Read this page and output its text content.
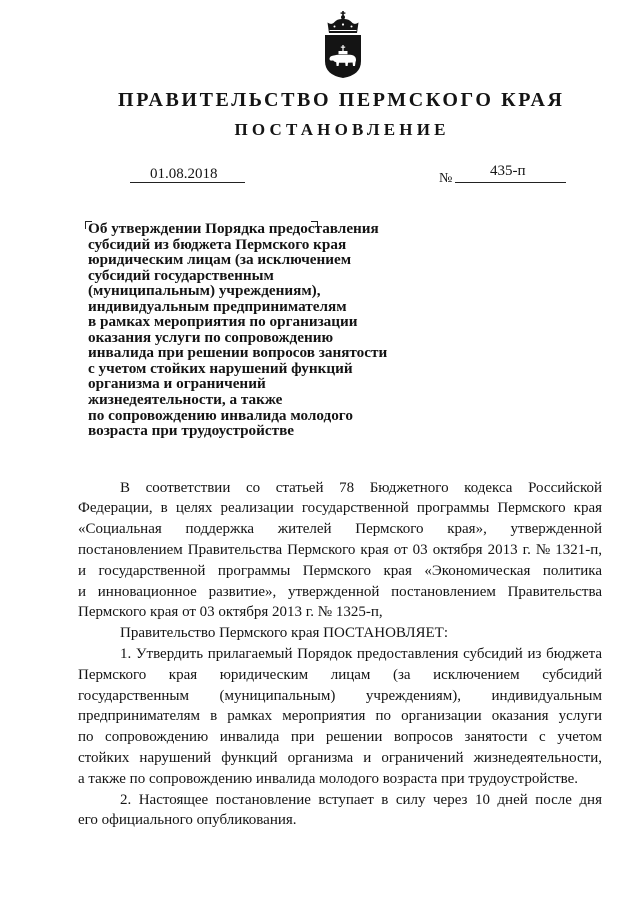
ПРАВИТЕЛЬСТВО ПЕРМСКОГО КРАЯ
ПОСТАНОВЛЕНИЕ
01.08.2018	№	435-п
Об утверждении Порядка предоставления
субсидий из бюджета Пермского края
юридическим лицам (за исключением
субсидий государственным
(муниципальным) учреждениям),
индивидуальным предпринимателям
в рамках мероприятия по организации
оказания услуги по сопровождению
инвалида при решении вопросов занятости
с учетом стойких нарушений функций
организма и ограничений
жизнедеятельности, а также
по сопровождению инвалида молодого
возраста при трудоустройстве
В соответствии со статьей 78 Бюджетного кодекса Российской
Федерации, в целях реализации государственной программы Пермского края
«Социальная поддержка жителей Пермского края», утвержденной
постановлением Правительства Пермского края от 03 октября 2013 г. № 1321-п,
и государственной программы Пермского края «Экономическая политика
и инновационное развитие», утвержденной постановлением Правительства
Пермского края от 03 октября 2013 г. № 1325-п,
Правительство Пермского края ПОСТАНОВЛЯЕТ:
1. Утвердить прилагаемый Порядок предоставления субсидий из бюджета
Пермского края юридическим лицам (за исключением субсидий
государственным (муниципальным) учреждениям), индивидуальным
предпринимателям в рамках мероприятия по организации оказания услуги
по сопровождению инвалида при решении вопросов занятости с учетом
стойких нарушений функций организма и ограничений жизнедеятельности,
а также по сопровождению инвалида молодого возраста при трудоустройстве.
2. Настоящее постановление вступает в силу через 10 дней после дня
его официального опубликования.
